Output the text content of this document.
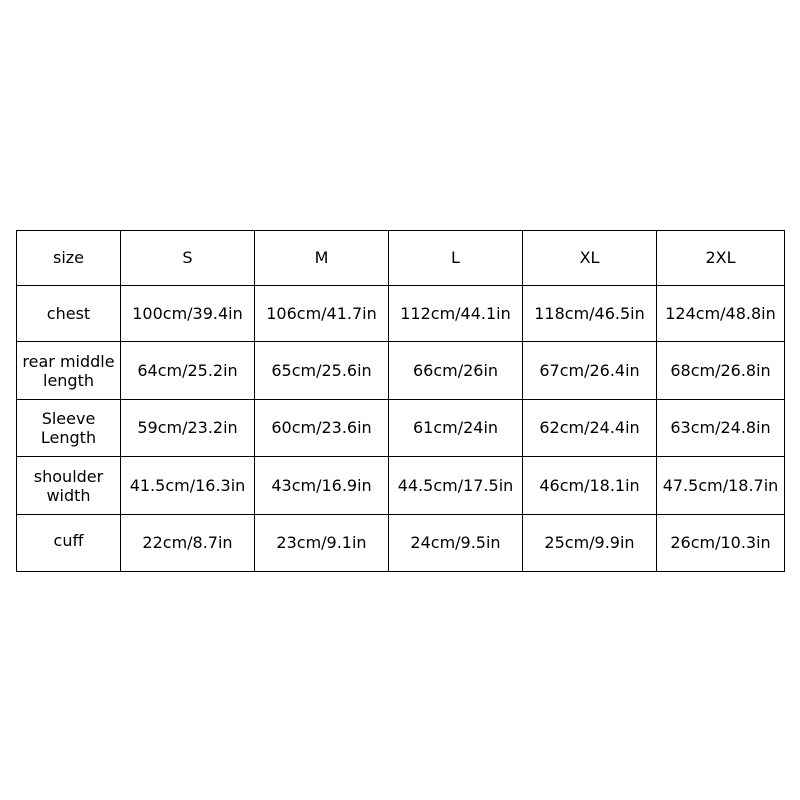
size	S	M	L	XL	2XL
chest	100cm/39.4in	106cm/41.7in	112cm/44.1in	118cm/46.5in	124cm/48.8in
rear middle
length	64cm/25.2in	65cm/25.6in	66cm/26in	67cm/26.4in	68cm/26.8in
Sleeve
Length	59cm/23.2in	60cm/23.6in	61cm/24in	62cm/24.4in	63cm/24.8in
shoulder
width	41.5cm/16.3in	43cm/16.9in	44.5cm/17.5in	46cm/18.1in	47.5cm/18.7in
cuff	22cm/8.7in	23cm/9.1in	24cm/9.5in	25cm/9.9in	26cm/10.3in
